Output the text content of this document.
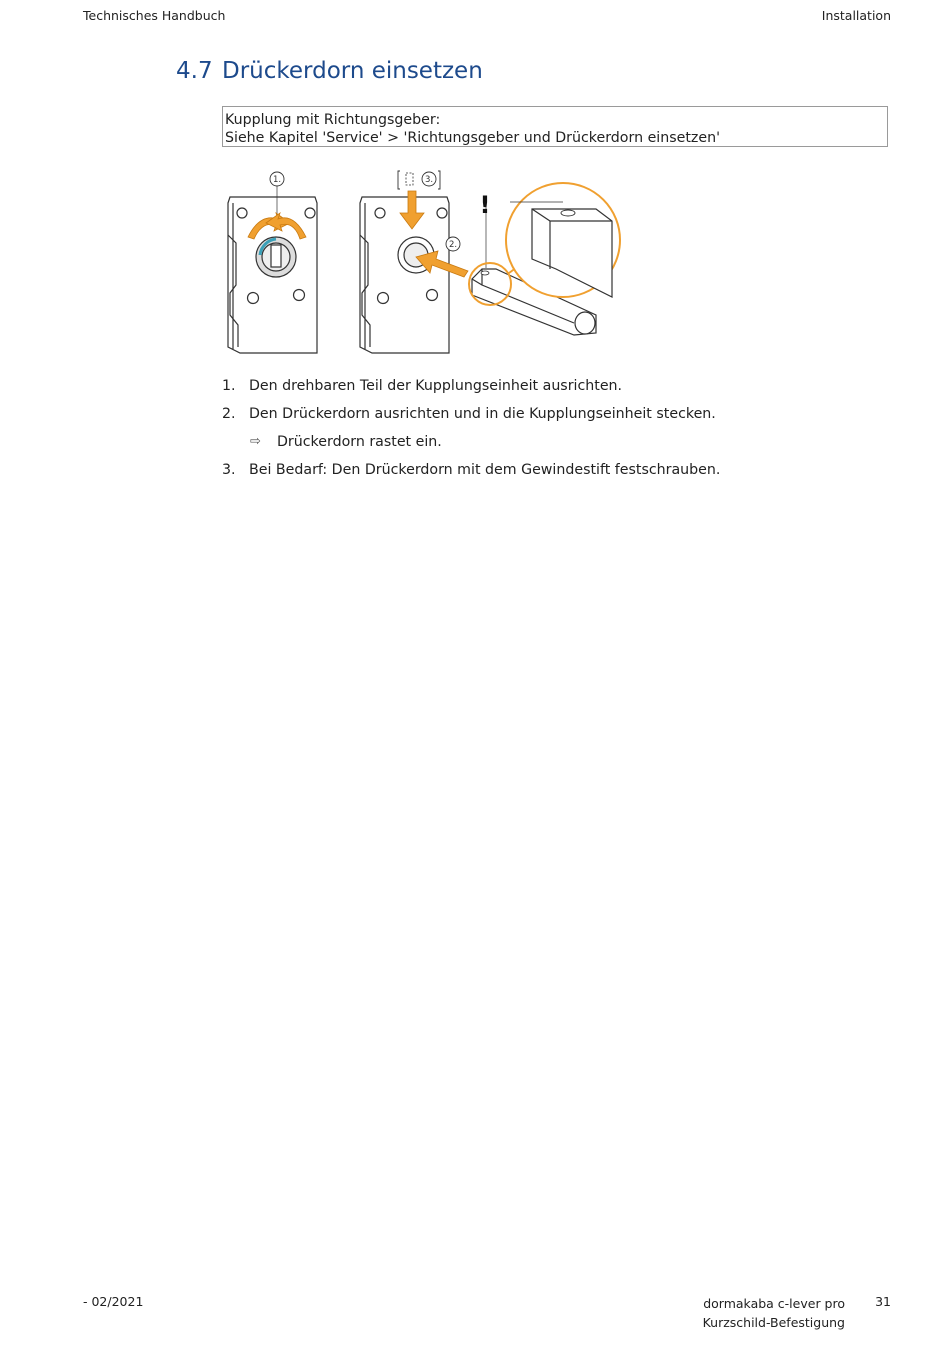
Technisches Handbuch	Installation
4.7 Drückerdorn einsetzen
Kupplung mit Richtungsgeber:
Siehe Kapitel 'Service' > 'Richtungsgeber und Drückerdorn einsetzen'
1.
2.
3.
!
1. Den drehbaren Teil der Kupplungseinheit ausrichten.
2. Den Drückerdorn ausrichten und in die Kupplungseinheit stecken.
⇨ Drückerdorn rastet ein.
3. Bei Bedarf: Den Drückerdorn mit dem Gewindestift festschrauben.
- 02/2021	dormakaba c-lever pro
Kurzschild-Befestigung
31
